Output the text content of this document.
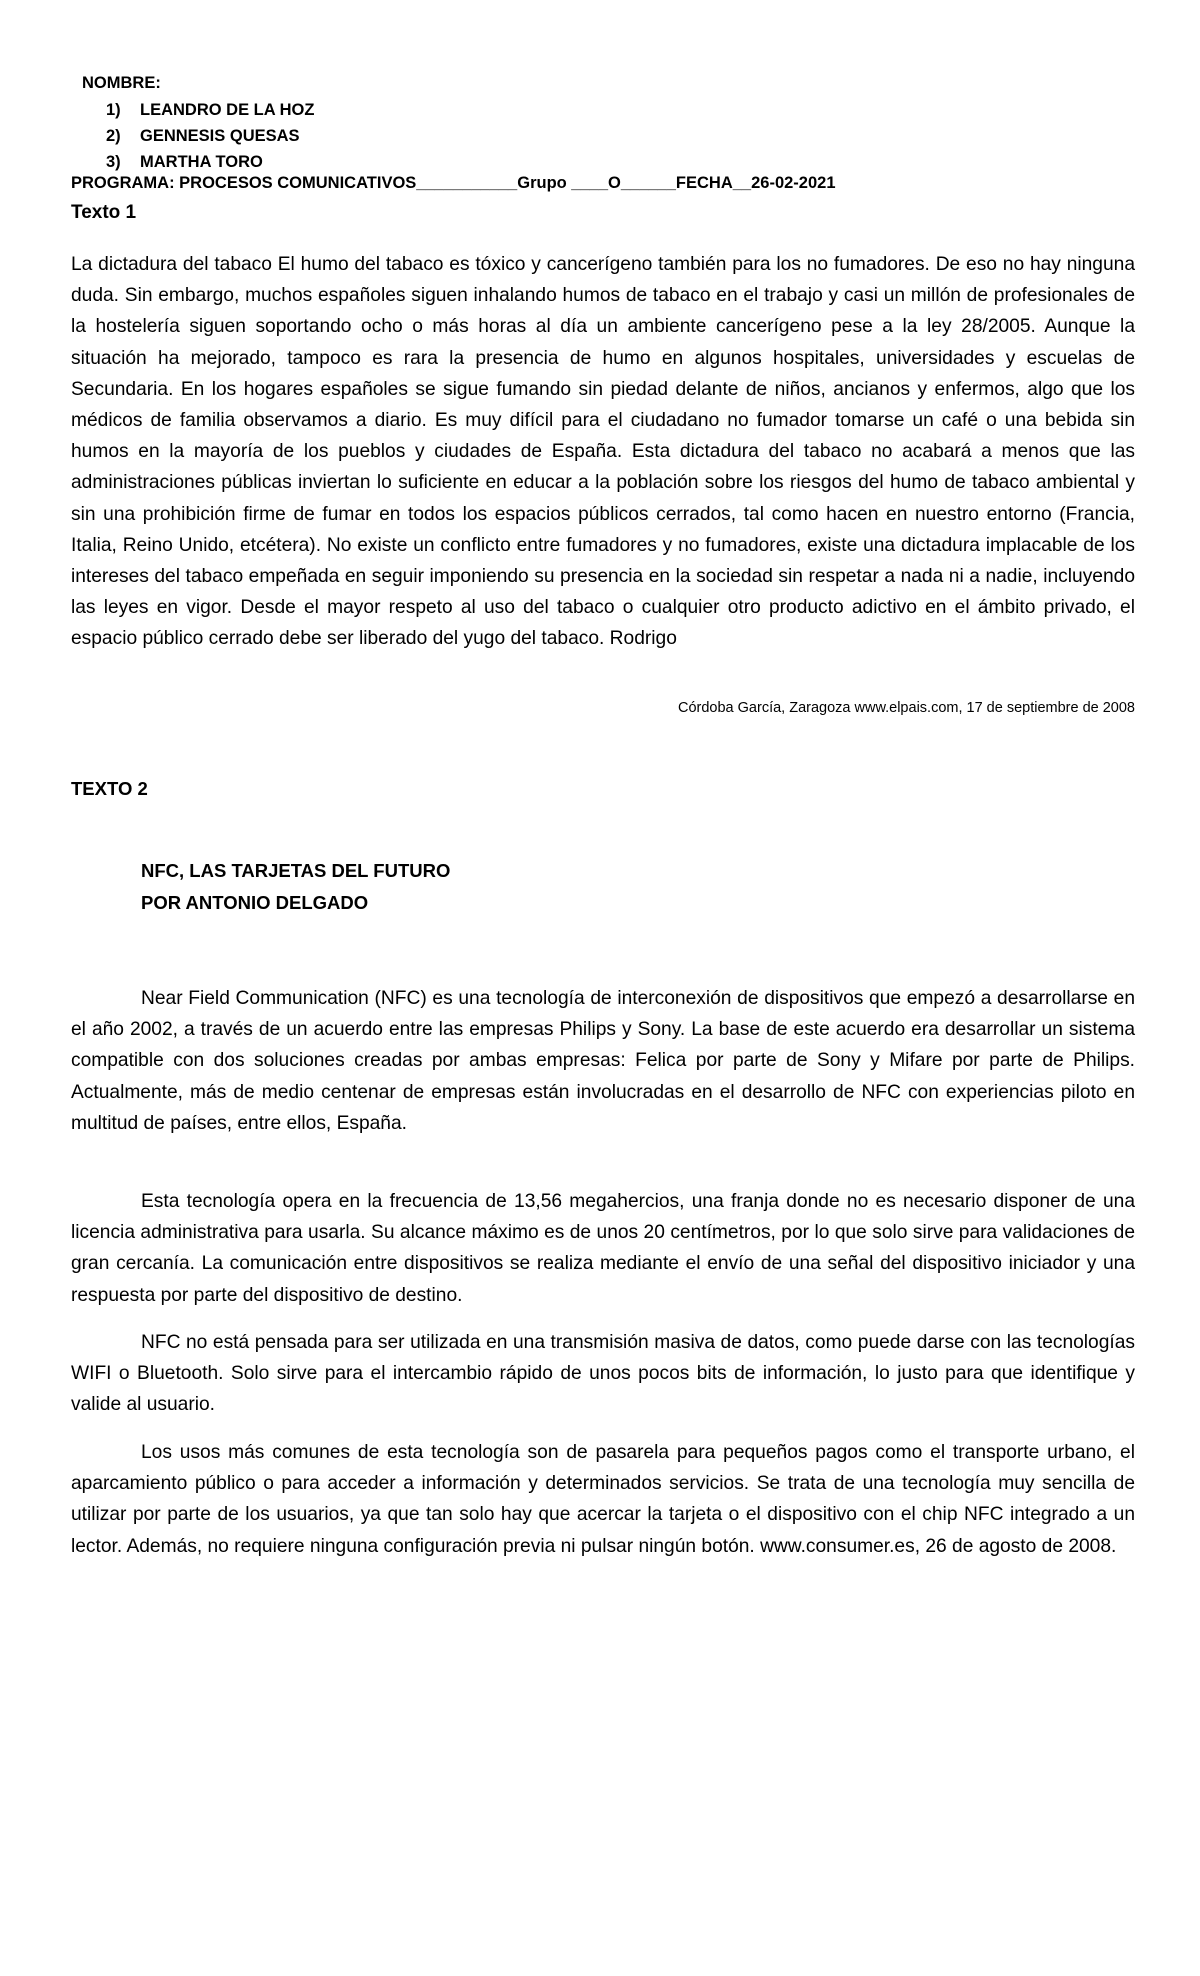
NOMBRE:
1) LEANDRO DE LA HOZ
2) GENNESIS QUESAS
3) MARTHA TORO
PROGRAMA: PROCESOS COMUNICATIVOS___________Grupo ____O______FECHA__26-02-2021
Texto 1
La dictadura del tabaco El humo del tabaco es tóxico y cancerígeno también para los no fumadores. De eso no hay ninguna duda. Sin embargo, muchos españoles siguen inhalando humos de tabaco en el trabajo y casi un millón de profesionales de la hostelería siguen soportando ocho o más horas al día un ambiente cancerígeno pese a la ley 28/2005. Aunque la situación ha mejorado, tampoco es rara la presencia de humo en algunos hospitales, universidades y escuelas de Secundaria. En los hogares españoles se sigue fumando sin piedad delante de niños, ancianos y enfermos, algo que los médicos de familia observamos a diario. Es muy difícil para el ciudadano no fumador tomarse un café o una bebida sin humos en la mayoría de los pueblos y ciudades de España. Esta dictadura del tabaco no acabará a menos que las administraciones públicas inviertan lo suficiente en educar a la población sobre los riesgos del humo de tabaco ambiental y sin una prohibición firme de fumar en todos los espacios públicos cerrados, tal como hacen en nuestro entorno (Francia, Italia, Reino Unido, etcétera). No existe un conflicto entre fumadores y no fumadores, existe una dictadura implacable de los intereses del tabaco empeñada en seguir imponiendo su presencia en la sociedad sin respetar a nada ni a nadie, incluyendo las leyes en vigor. Desde el mayor respeto al uso del tabaco o cualquier otro producto adictivo en el ámbito privado, el espacio público cerrado debe ser liberado del yugo del tabaco. Rodrigo
Córdoba García, Zaragoza www.elpais.com, 17 de septiembre de 2008
TEXTO 2
NFC, LAS TARJETAS DEL FUTURO
POR ANTONIO DELGADO
Near Field Communication (NFC) es una tecnología de interconexión de dispositivos que empezó a desarrollarse en el año 2002, a través de un acuerdo entre las empresas Philips y Sony. La base de este acuerdo era desarrollar un sistema compatible con dos soluciones creadas por ambas empresas: Felica por parte de Sony y Mifare por parte de Philips. Actualmente, más de medio centenar de empresas están involucradas en el desarrollo de NFC con experiencias piloto en multitud de países, entre ellos, España.
Esta tecnología opera en la frecuencia de 13,56 megahercios, una franja donde no es necesario disponer de una licencia administrativa para usarla. Su alcance máximo es de unos 20 centímetros, por lo que solo sirve para validaciones de gran cercanía. La comunicación entre dispositivos se realiza mediante el envío de una señal del dispositivo iniciador y una respuesta por parte del dispositivo de destino.
NFC no está pensada para ser utilizada en una transmisión masiva de datos, como puede darse con las tecnologías WIFI o Bluetooth. Solo sirve para el intercambio rápido de unos pocos bits de información, lo justo para que identifique y valide al usuario.
Los usos más comunes de esta tecnología son de pasarela para pequeños pagos como el transporte urbano, el aparcamiento público o para acceder a información y determinados servicios. Se trata de una tecnología muy sencilla de utilizar por parte de los usuarios, ya que tan solo hay que acercar la tarjeta o el dispositivo con el chip NFC integrado a un lector. Además, no requiere ninguna configuración previa ni pulsar ningún botón. www.consumer.es, 26 de agosto de 2008.
